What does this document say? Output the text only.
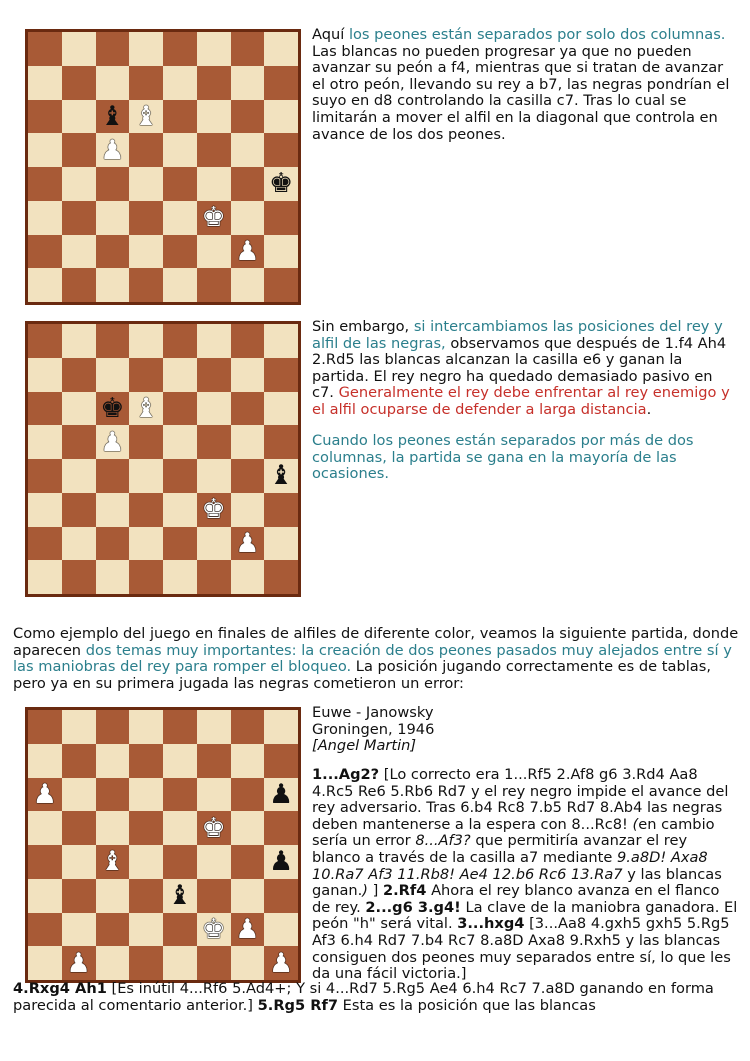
♝ ♝
♟
♚
♚
♟

Aquí los peones están separados por solo dos columnas. Las blancas no pueden progresar ya que no pueden avanzar su peón a f4, mientras que si tratan de avanzar el otro peón, llevando su rey a b7, las negras pondrían el suyo en d8 controlando la casilla c7. Tras lo cual se limitarán a mover el alfil en la diagonal que controla en avance de los dos peones.

♚ ♝
♟
♝
♚
♟

Sin embargo, si intercambiamos las posiciones del rey y alfil de las negras, observamos que después de 1.f4 Ah4 2.Rd5 las blancas alcanzan la casilla e6 y ganan la partida. El rey negro ha quedado demasiado pasivo en c7. Generalmente el rey debe enfrentar al rey enemigo y el alfil ocuparse de defender a larga distancia.

Cuando los peones están separados por más de dos columnas, la partida se gana en la mayoría de las ocasiones.

Como ejemplo del juego en finales de alfiles de diferente color, veamos la siguiente partida, donde aparecen dos temas muy importantes: la creación de dos peones pasados muy alejados entre sí y las maniobras del rey para romper el bloqueo. La posición jugando correctamente es de tablas, pero ya en su primera jugada las negras cometieron un error:

♟	♟
♚
♝	♟
♝
♚ ♟
♟	♟
Euwe - Janowsky
Groningen, 1946
[Angel Martin]

1...Ag2? [Lo correcto era 1...Rf5 2.Af8 g6 3.Rd4 Aa8 4.Rc5 Re6 5.Rb6 Rd7 y el rey negro impide el avance del rey adversario. Tras 6.b4 Rc8 7.b5 Rd7 8.Ab4 las negras deben mantenerse a la espera con 8...Rc8! (en cambio sería un error 8...Af3? que permitiría avanzar el rey blanco a través de la casilla a7 mediante 9.a8D! Axa8 10.Ra7 Af3 11.Rb8! Ae4 12.b6 Rc6 13.Ra7 y las blancas ganan.) ] 2.Rf4 Ahora el rey blanco avanza en el flanco de rey. 2...g6 3.g4! La clave de la maniobra ganadora. El peón "h" será vital. 3...hxg4 [3...Aa8 4.gxh5 gxh5 5.Rg5 Af3 6.h4 Rd7 7.b4 Rc7 8.a8D Axa8 9.Rxh5 y las blancas consiguen dos peones muy separados entre sí, lo que les da una fácil victoria.]

4.Rxg4 Ah1 [Es inútil 4...Rf6 5.Ad4+; Y si 4...Rd7 5.Rg5 Ae4 6.h4 Rc7 7.a8D ganando en forma parecida al comentario anterior.] 5.Rg5 Rf7 Esta es la posición que las blancas
